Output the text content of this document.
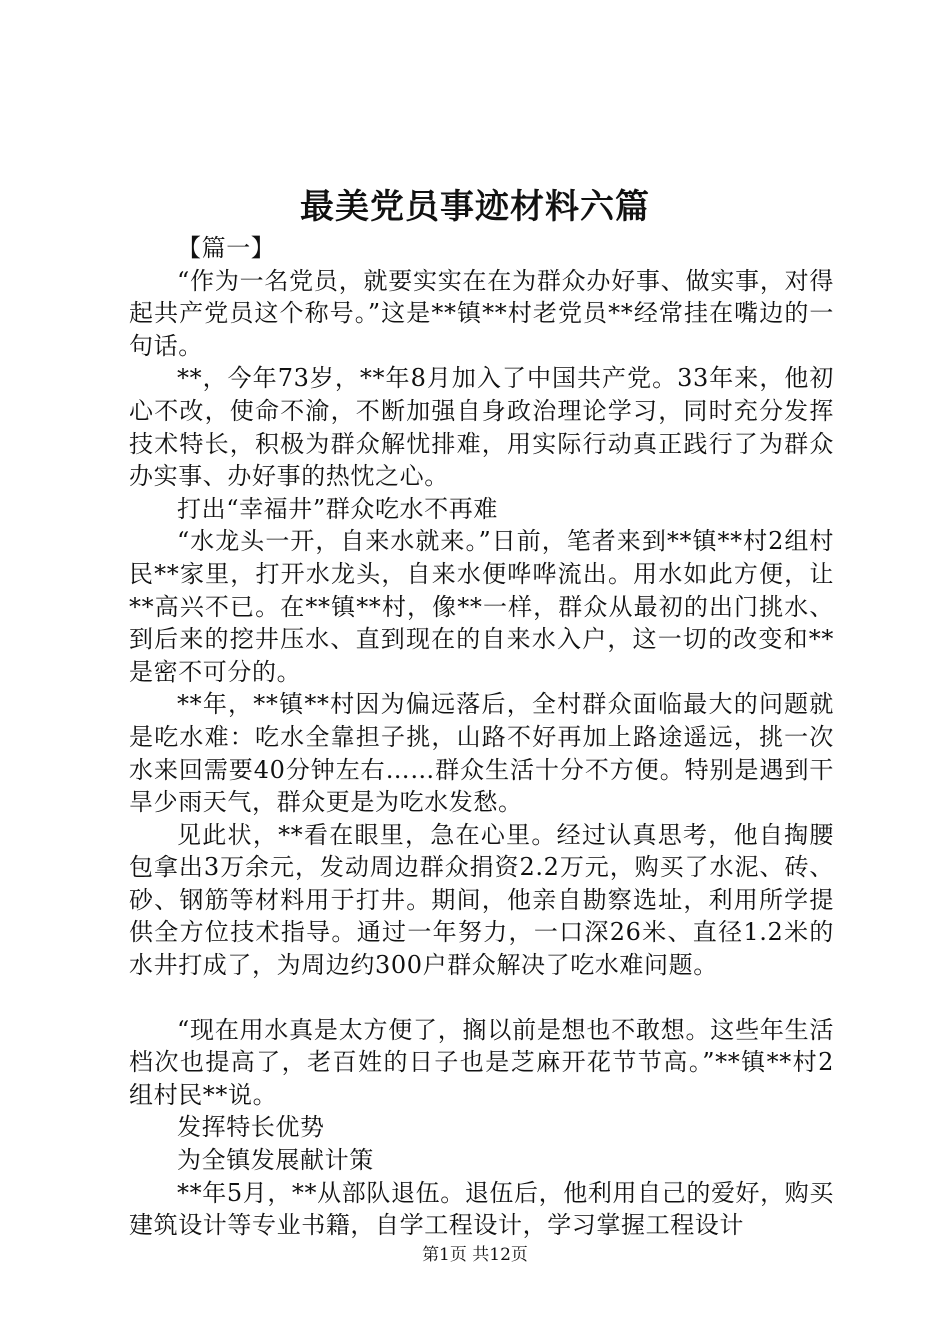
最美党员事迹材料六篇

【篇一】

“作为一名党员，就要实实在在为群众办好事、做实事，对得起共产党员这个称号。”这是**镇**村老党员**经常挂在嘴边的一句话。

**，今年73岁，**年8月加入了中国共产党。33年来，他初心不改，使命不渝，不断加强自身政治理论学习，同时充分发挥技术特长，积极为群众解忧排难，用实际行动真正践行了为群众办实事、办好事的热忱之心。

打出“幸福井”群众吃水不再难

“水龙头一开，自来水就来。”日前，笔者来到**镇**村2组村民**家里，打开水龙头，自来水便哗哗流出。用水如此方便，让**高兴不已。在**镇**村，像**一样，群众从最初的出门挑水、到后来的挖井压水、直到现在的自来水入户，这一切的改变和**是密不可分的。

**年，**镇**村因为偏远落后，全村群众面临最大的问题就是吃水难：吃水全靠担子挑，山路不好再加上路途遥远，挑一次水来回需要40分钟左右……群众生活十分不方便。特别是遇到干旱少雨天气，群众更是为吃水发愁。

见此状，**看在眼里，急在心里。经过认真思考，他自掏腰包拿出3万余元，发动周边群众捐资2.2万元，购买了水泥、砖、砂、钢筋等材料用于打井。期间，他亲自勘察选址，利用所学提供全方位技术指导。通过一年努力，一口深26米、直径1.2米的水井打成了，为周边约300户群众解决了吃水难问题。

“现在用水真是太方便了，搁以前是想也不敢想。这些年生活档次也提高了，老百姓的日子也是芝麻开花节节高。”**镇**村2组村民**说。

发挥特长优势

为全镇发展献计策

**年5月，**从部队退伍。退伍后，他利用自己的爱好，购买建筑设计等专业书籍，自学工程设计，学习掌握工程设计

第1页 共12页
